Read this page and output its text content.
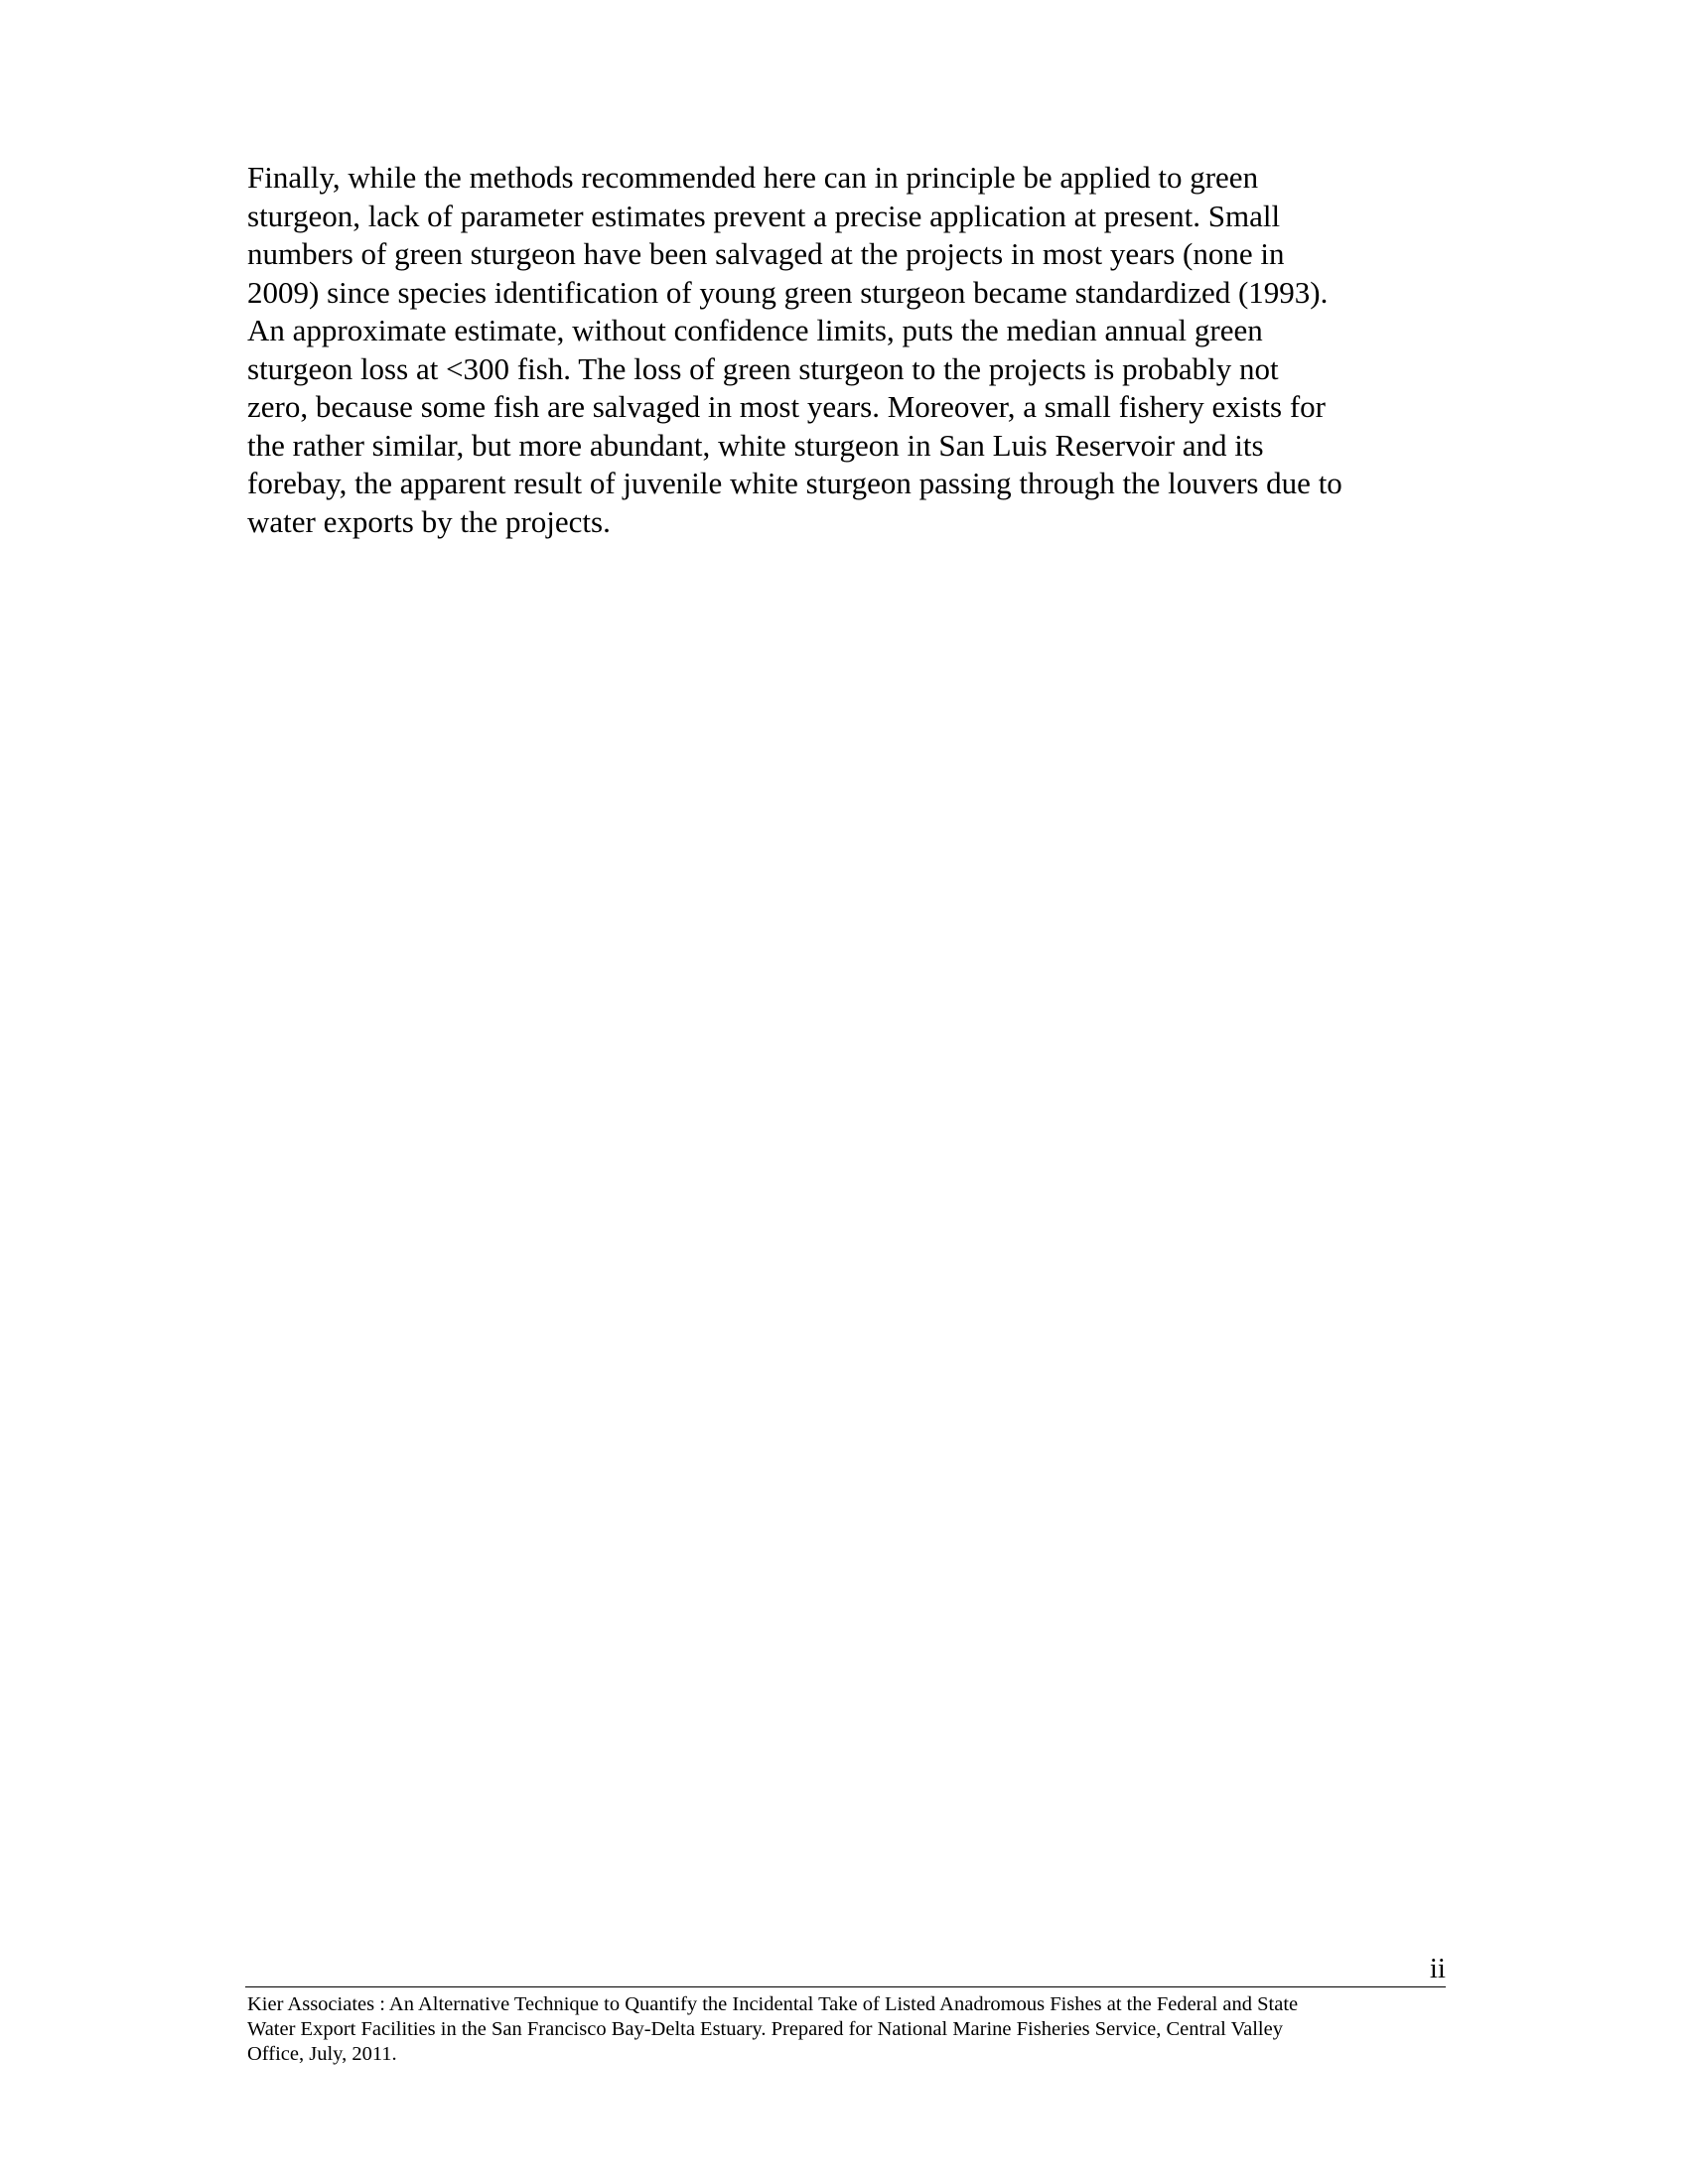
Finally, while the methods recommended here can in principle be applied to green
sturgeon, lack of parameter estimates prevent a precise application at present. Small
numbers of green sturgeon have been salvaged at the projects in most years (none in
2009) since species identification of young green sturgeon became standardized (1993).
An approximate estimate, without confidence limits, puts the median annual green
sturgeon loss at <300 fish. The loss of green sturgeon to the projects is probably not
zero, because some fish are salvaged in most years. Moreover, a small fishery exists for
the rather similar, but more abundant, white sturgeon in San Luis Reservoir and its
forebay, the apparent result of juvenile white sturgeon passing through the louvers due to
water exports by the projects.

ii

Kier Associates : An Alternative Technique to Quantify the Incidental Take of Listed Anadromous Fishes at the Federal and State
Water Export Facilities in the San Francisco Bay-Delta Estuary. Prepared for National Marine Fisheries Service, Central Valley
Office, July, 2011.
